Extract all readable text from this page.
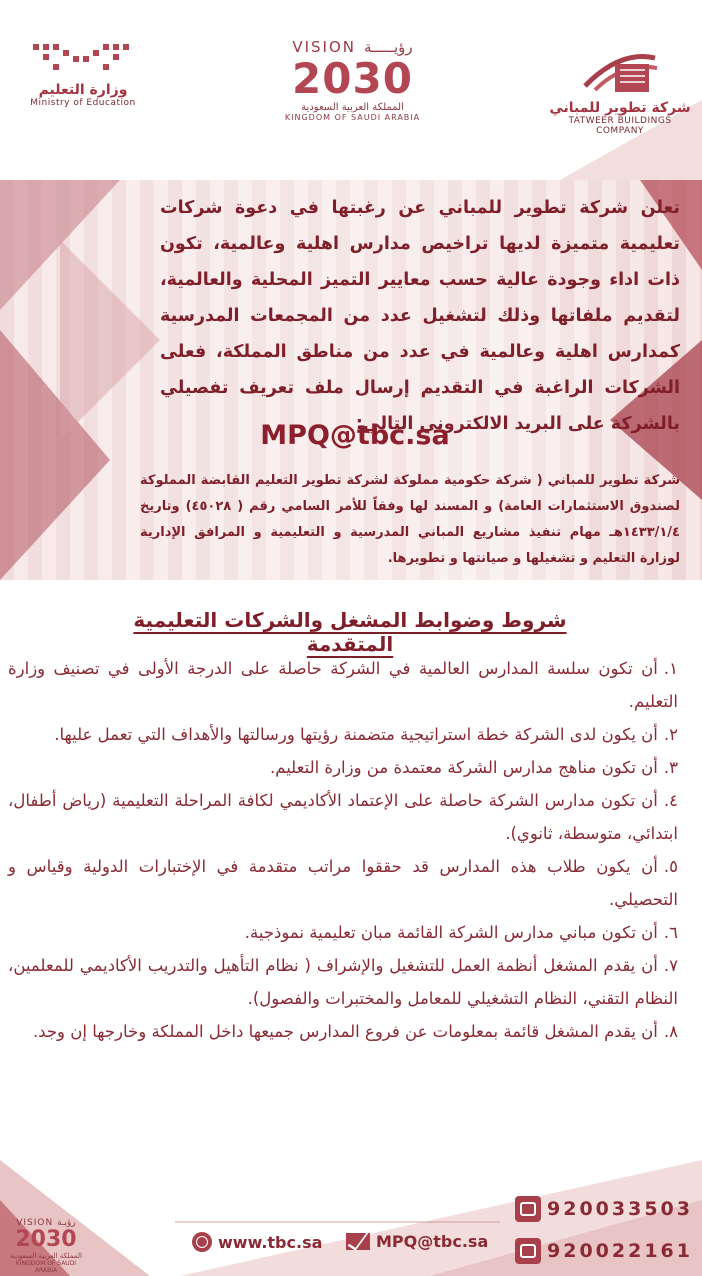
شركة تطوير للمباني
TATWEER BUILDINGS COMPANY
VISION رؤيـــــة
2030
المملكة العربية السعودية
KINGDOM OF SAUDI ARABIA
وزارة التعليم
Ministry of Education
تعلن شركة تطوير للمباني عن رغبتها في دعوة شركات تعليمية متميزة لديها تراخيص مدارس اهلية وعالمية، تكون ذات اداء وجودة عالية حسب معايير التميز المحلية والعالمية، لتقديم ملفاتها وذلك لتشغيل عدد من المجمعات المدرسية كمدارس اهلية وعالمية في عدد من مناطق المملكة، فعلى الشركات الراغبة في التقديم إرسال ملف تعريف تفصيلي بالشركة على البريد الالكتروني التالي:
MPQ@tbc.sa
شركة تطوير للمباني ( شركة حكومية مملوكة لشركة تطوير التعليم القابضة المملوكة لصندوق الاستثمارات العامة) و المسند لها وفقاً للأمر السامي رقم ( ٤٥٠٢٨) وتاريخ ١٤٣٣/١/٤هـ مهام تنفيذ مشاريع المباني المدرسية و التعليمية و المرافق الإدارية لوزارة التعليم و تشغيلها و صيانتها و تطويرها.
شروط وضوابط المشغل والشركات التعليمية المتقدمة
١.أن تكون سلسة المدارس العالمية في الشركة حاصلة على الدرجة الأولى في تصنيف وزارة التعليم.
٢.أن يكون لدى الشركة خطة استراتيجية متضمنة رؤيتها ورسالتها والأهداف التي تعمل عليها.
٣.أن تكون مناهج مدارس الشركة معتمدة من وزارة التعليم.
٤.أن تكون مدارس الشركة حاصلة على الإعتماد الأكاديمي لكافة المراحلة التعليمية (رياض أطفال، ابتدائي، متوسطة، ثانوي).
٥.أن يكون طلاب هذه المدارس قد حققوا مراتب متقدمة في الإختبارات الدولية وقياس و التحصيلي.
٦.أن تكون مباني مدارس الشركة القائمة مبان تعليمية نموذجية.
٧.أن يقدم المشغل أنظمة العمل للتشغيل والإشراف ( نظام التأهيل والتدريب الأكاديمي للمعلمين، النظام التقني، النظام التشغيلي للمعامل والمختبرات والفصول).
٨.أن يقدم المشغل قائمة بمعلومات عن فروع المدارس جميعها داخل المملكة وخارجها إن وجد.
VISION رؤيـة
2030
المملكة العربية السعودية
KINGDOM OF SAUDI ARABIA
www.tbc.sa	MPQ@tbc.sa
920033503
920022161
